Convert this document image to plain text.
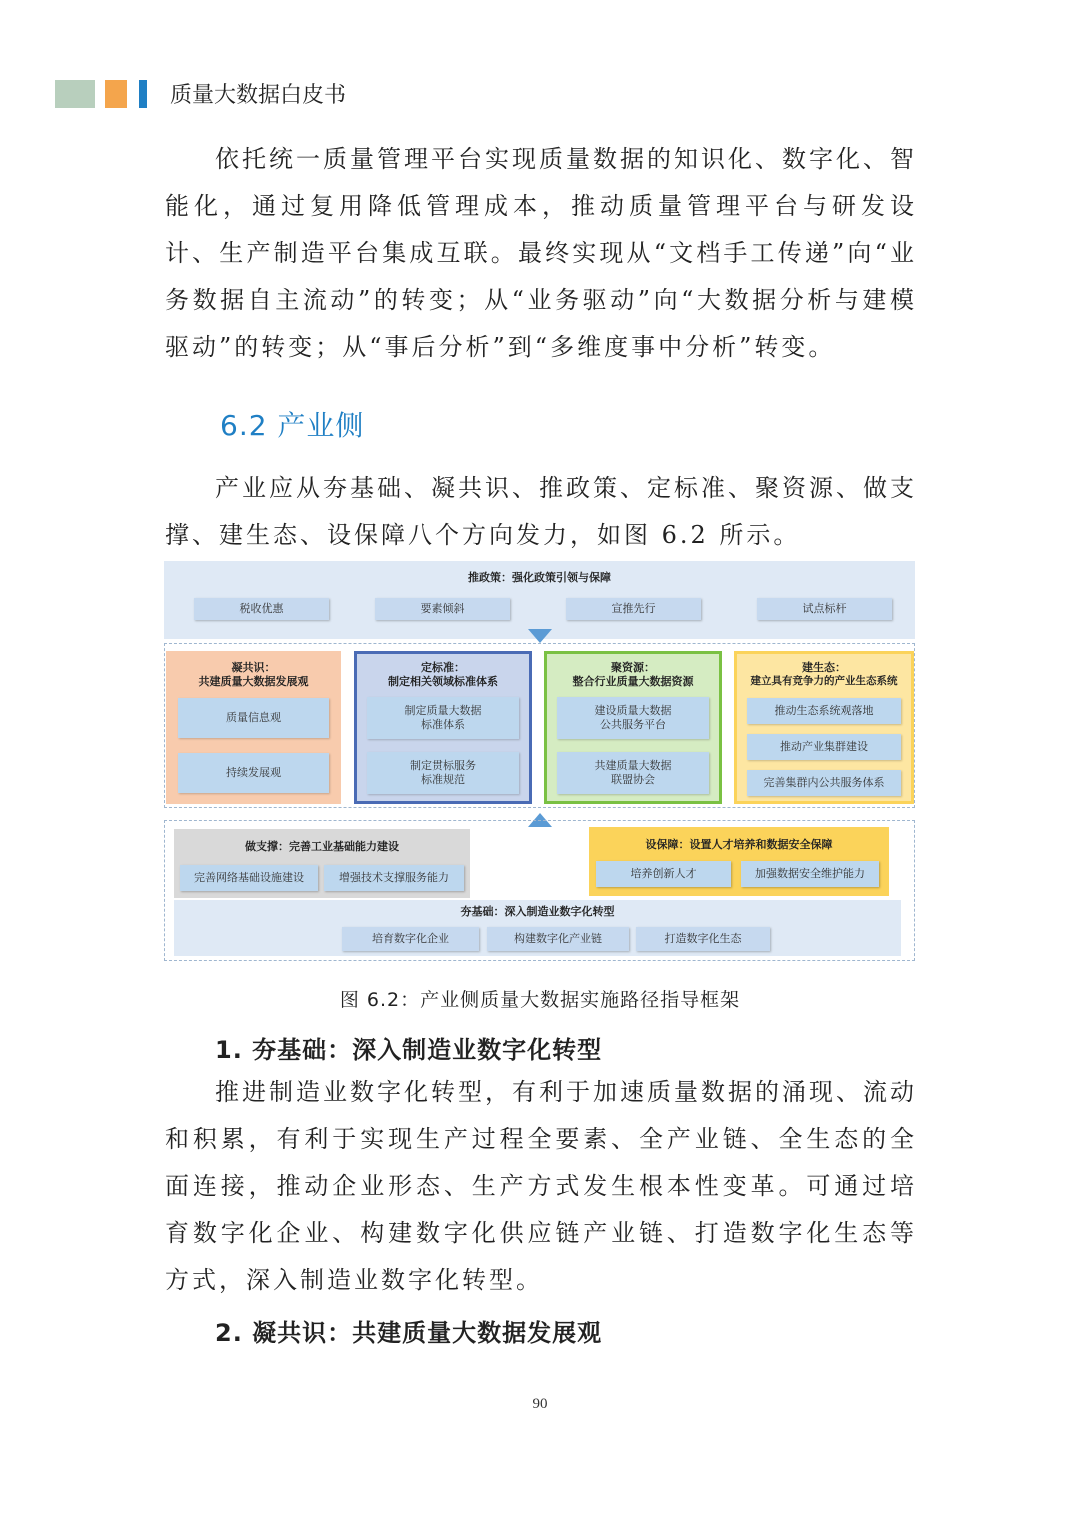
质量大数据白皮书

依托统一质量管理平台实现质量数据的知识化、数字化、智能化，通过复用降低管理成本，推动质量管理平台与研发设计、生产制造平台集成互联。最终实现从“文档手工传递”向“业务数据自主流动”的转变；从“业务驱动”向“大数据分析与建模驱动”的转变；从“事后分析”到“多维度事中分析”转变。

6.2 产业侧

产业应从夯基础、凝共识、推政策、定标准、聚资源、做支撑、建生态、设保障八个方向发力，如图 6.2 所示。

推政策：强化政策引领与保障
税收优惠	要素倾斜	宣推先行	试点标杆
凝共识：
共建质量大数据发展观
质量信息观
持续发展观
定标准：
制定相关领域标准体系
制定质量大数据
标准体系
制定贯标服务
标准规范
聚资源：
整合行业质量大数据资源
建设质量大数据
公共服务平台
共建质量大数据
联盟协会
建生态：
建立具有竞争力的产业生态系统
推动生态系统观落地
推动产业集群建设
完善集群内公共服务体系
做支撑：完善工业基础能力建设
完善网络基础设施建设	增强技术支撑服务能力
设保障：设置人才培养和数据安全保障
培养创新人才	加强数据安全维护能力
夯基础：深入制造业数字化转型
培育数字化企业	构建数字化产业链	打造数字化生态
图 6.2：产业侧质量大数据实施路径指导框架
1. 夯基础：深入制造业数字化转型

推进制造业数字化转型，有利于加速质量数据的涌现、流动和积累，有利于实现生产过程全要素、全产业链、全生态的全面连接，推动企业形态、生产方式发生根本性变革。可通过培育数字化企业、构建数字化供应链产业链、打造数字化生态等方式，深入制造业数字化转型。

2. 凝共识：共建质量大数据发展观
90
